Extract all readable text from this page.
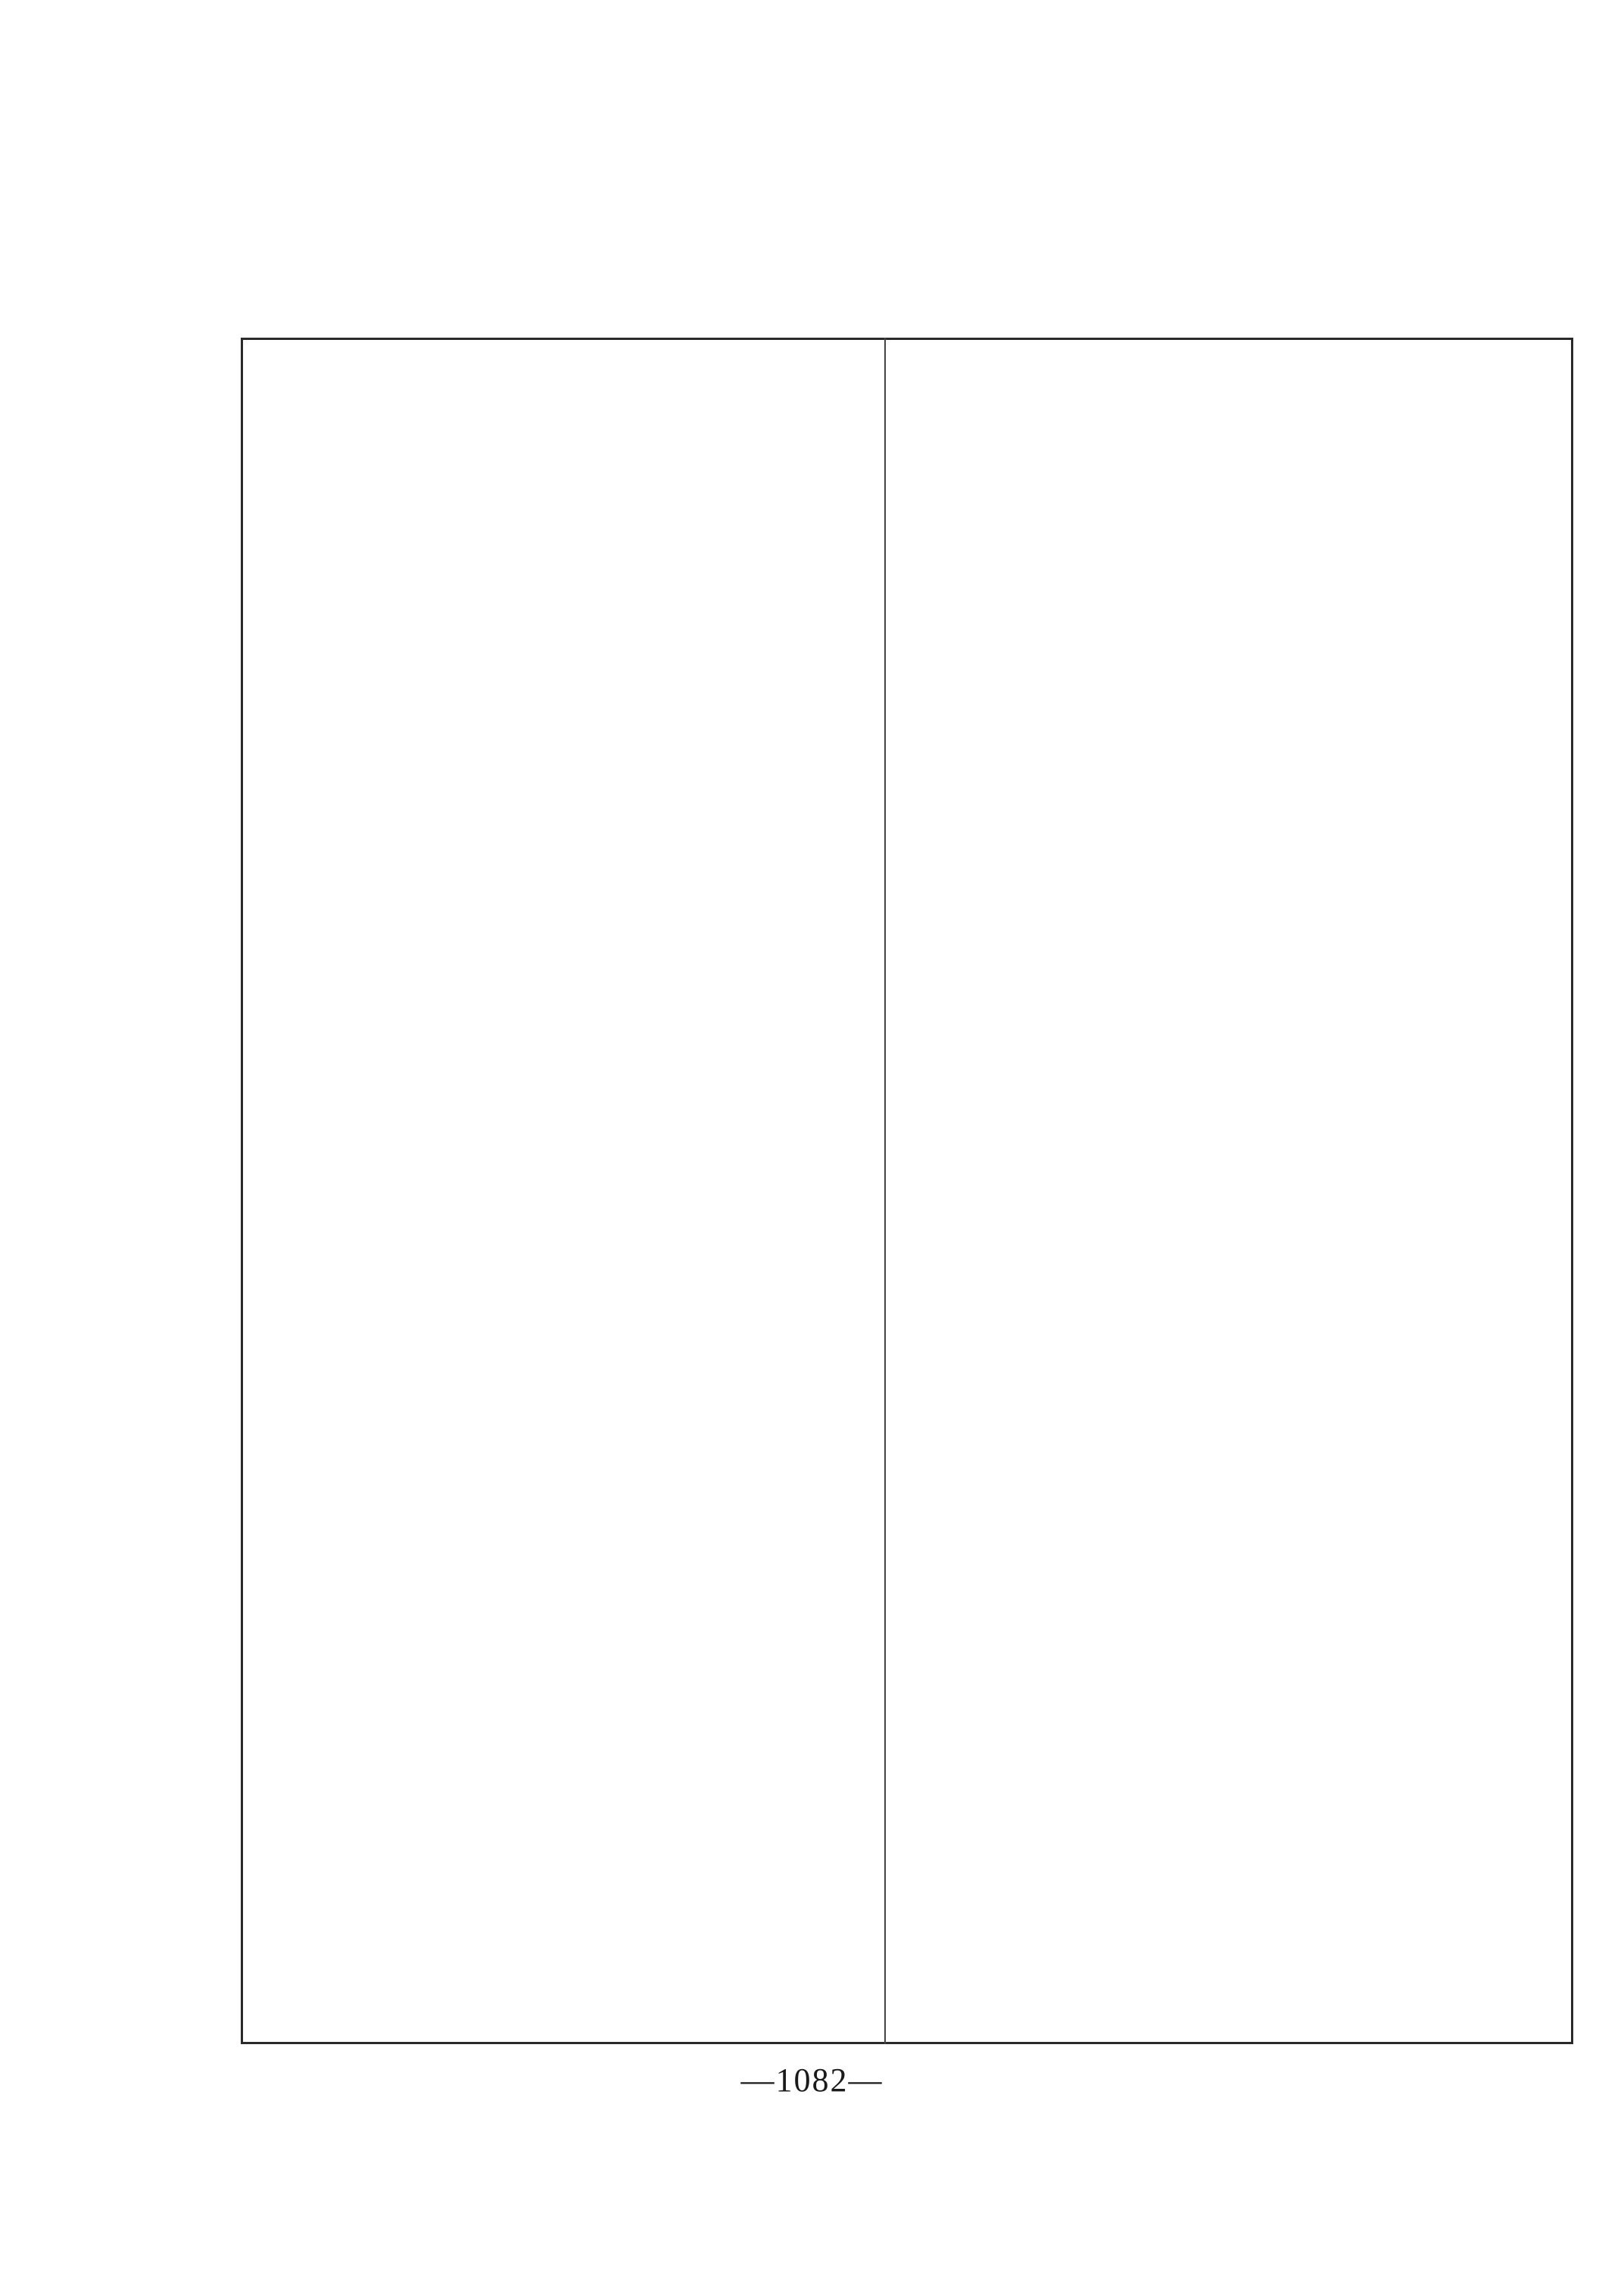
—1082—
